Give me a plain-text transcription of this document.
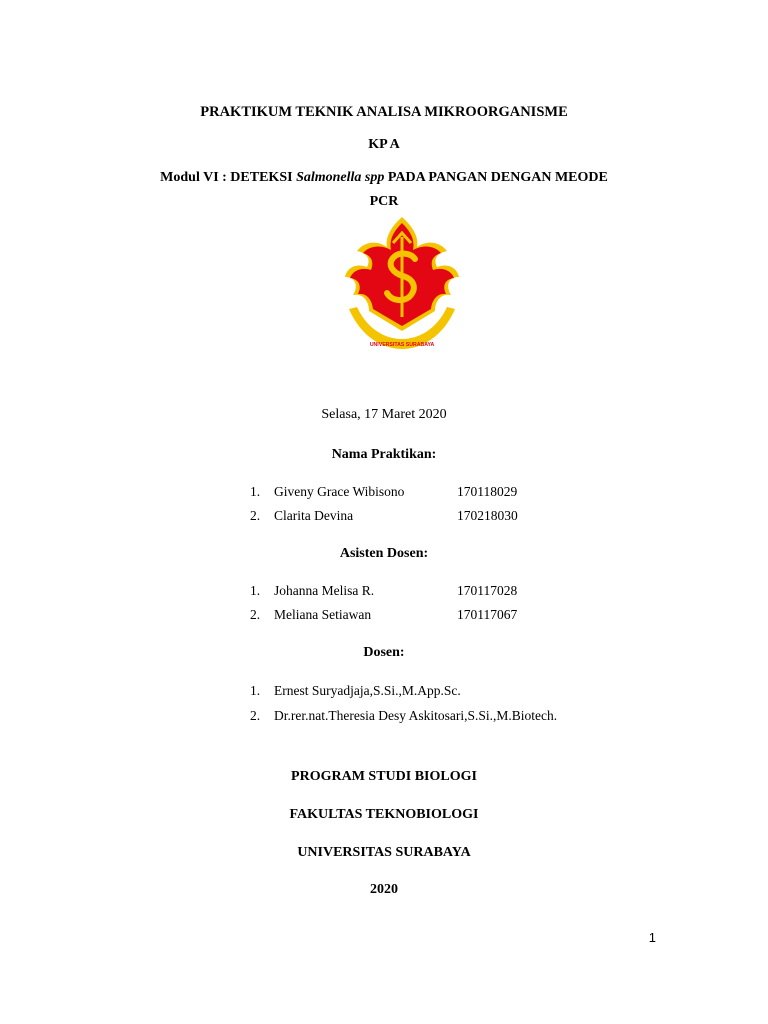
PRAKTIKUM TEKNIK ANALISA MIKROORGANISME
KP A
Modul VI : DETEKSI Salmonella spp PADA PANGAN DENGAN MEODE
PCR
UNIVERSITAS SURABAYA
Selasa, 17 Maret 2020
Nama Praktikan:
1.	Giveny Grace Wibisono	170118029
2.	Clarita Devina	170218030
Asisten Dosen:
1.	Johanna Melisa R.	170117028
2.	Meliana Setiawan	170117067
Dosen:
1.	Ernest Suryadjaja,S.Si.,M.App.Sc.
2.	Dr.rer.nat.Theresia Desy Askitosari,S.Si.,M.Biotech.
PROGRAM STUDI BIOLOGI
FAKULTAS TEKNOBIOLOGI
UNIVERSITAS SURABAYA
2020
1
